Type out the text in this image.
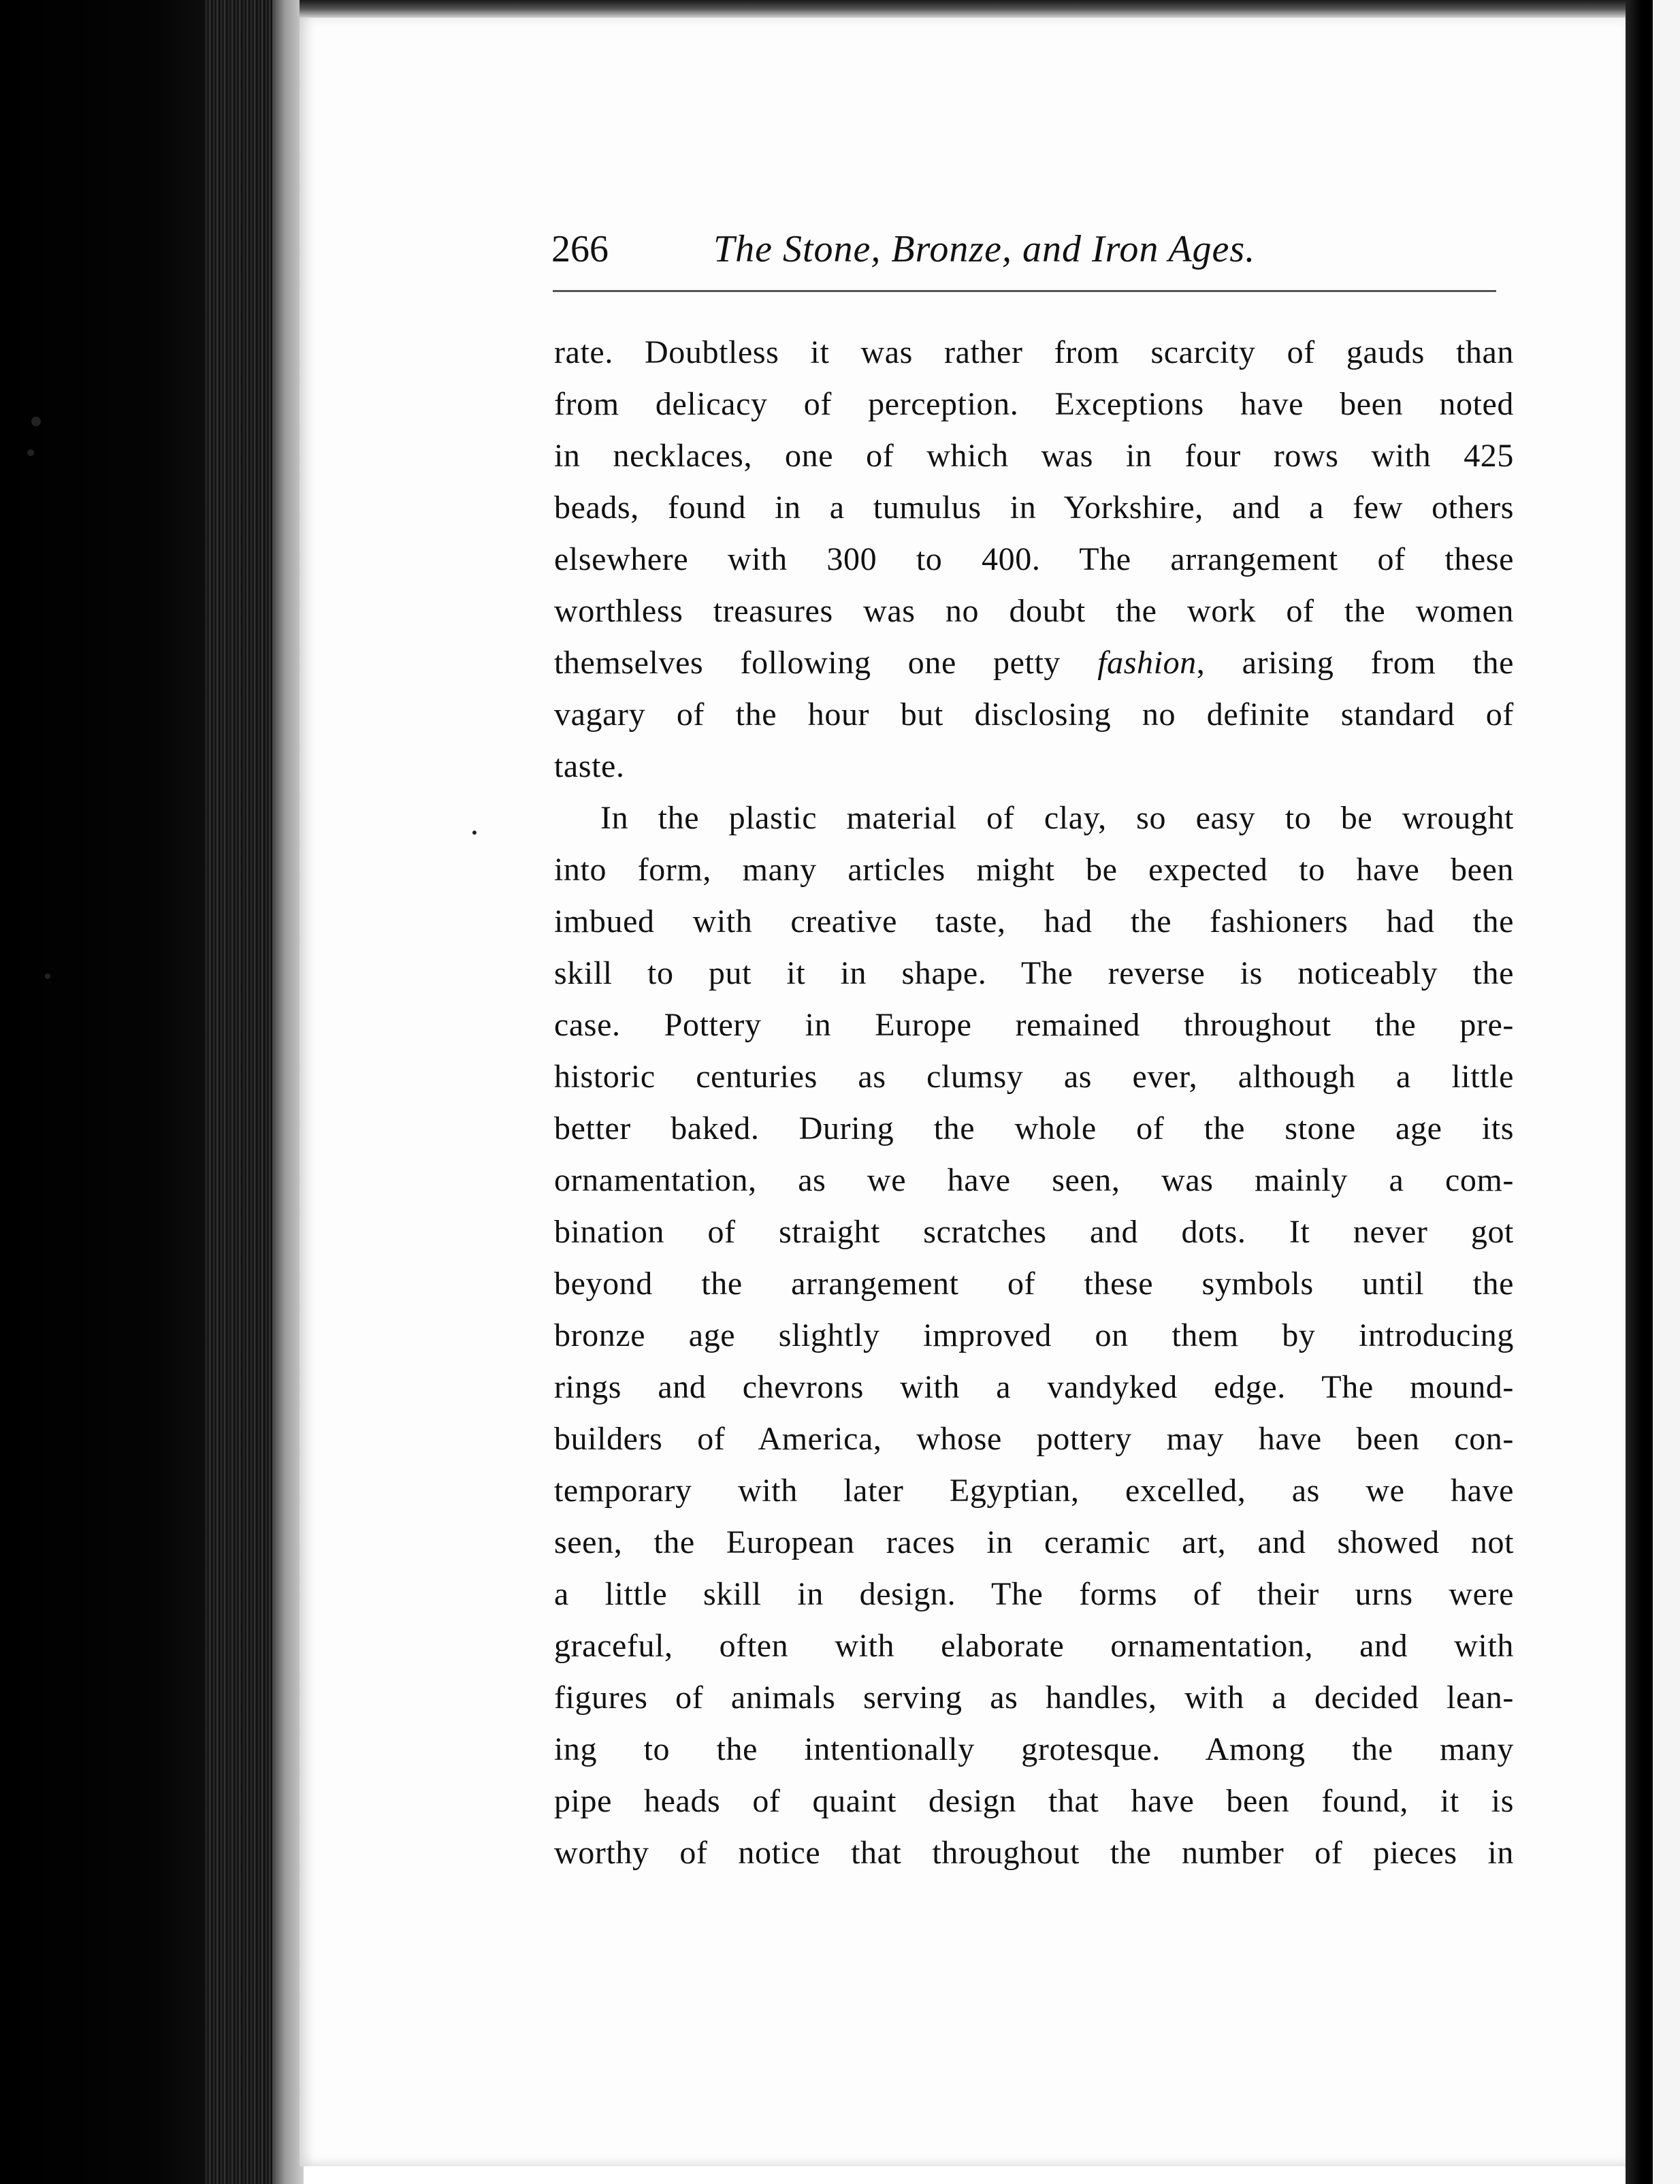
266	The Stone, Bronze, and Iron Ages.
rate. Doubtless it was rather from scarcity of gauds than
from delicacy of perception. Exceptions have been noted
in necklaces, one of which was in four rows with 425
beads, found in a tumulus in Yorkshire, and a few others
elsewhere with 300 to 400. The arrangement of these
worthless treasures was no doubt the work of the women
themselves following one petty fashion, arising from the
vagary of the hour but disclosing no definite standard of
taste.
In the plastic material of clay, so easy to be wrought
into form, many articles might be expected to have been
imbued with creative taste, had the fashioners had the
skill to put it in shape. The reverse is noticeably the
case. Pottery in Europe remained throughout the pre-
historic centuries as clumsy as ever, although a little
better baked. During the whole of the stone age its
ornamentation, as we have seen, was mainly a com-
bination of straight scratches and dots. It never got
beyond the arrangement of these symbols until the
bronze age slightly improved on them by introducing
rings and chevrons with a vandyked edge. The mound-
builders of America, whose pottery may have been con-
temporary with later Egyptian, excelled, as we have
seen, the European races in ceramic art, and showed not
a little skill in design. The forms of their urns were
graceful, often with elaborate ornamentation, and with
figures of animals serving as handles, with a decided lean-
ing to the intentionally grotesque. Among the many
pipe heads of quaint design that have been found, it is
worthy of notice that throughout the number of pieces in
